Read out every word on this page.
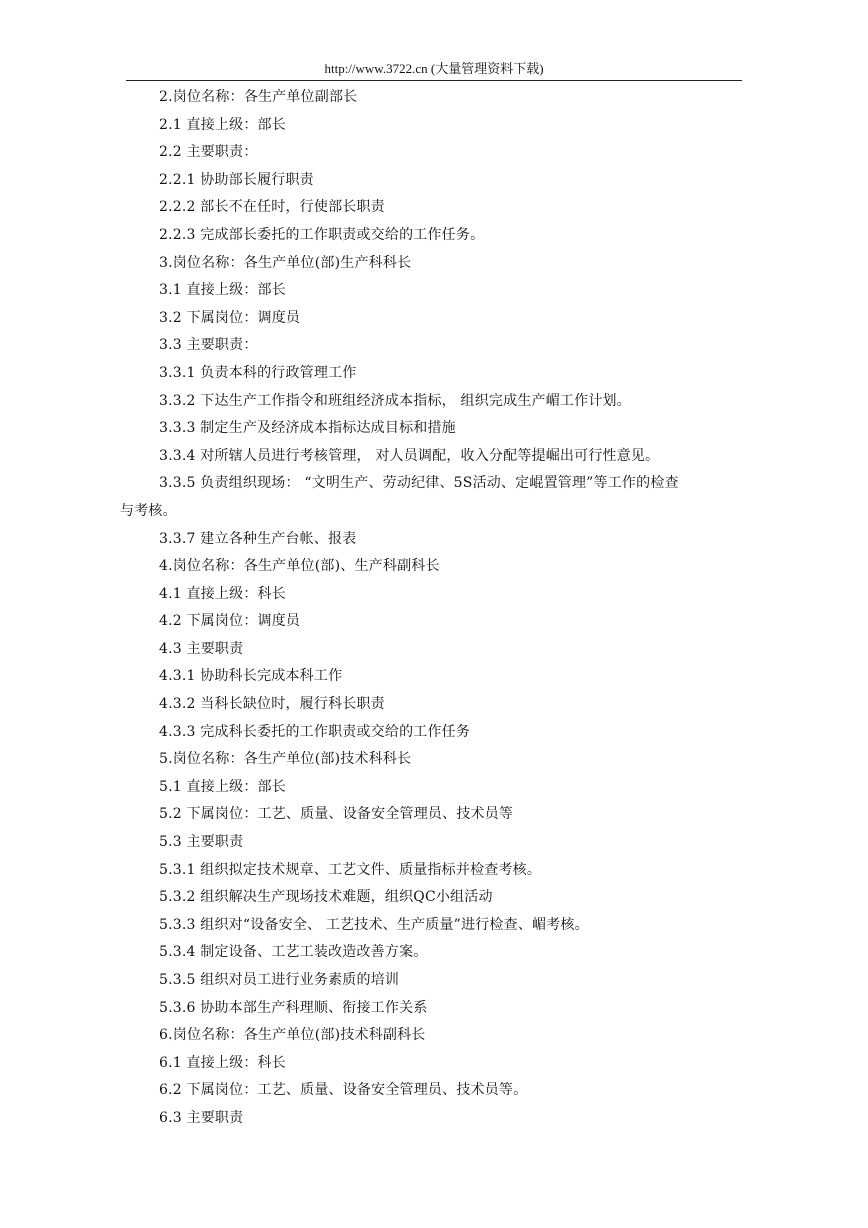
http://www.3722.cn (大量管理资料下载)
2.岗位名称：各生产单位副部长
2.1 直接上级：部长
2.2 主要职责：
2.2.1 协助部长履行职责
2.2.2 部长不在任时，行使部长职责
2.2.3 完成部长委托的工作职责或交给的工作任务。
3.岗位名称：各生产单位(部)生产科科长
3.1 直接上级：部长
3.2 下属岗位：调度员
3.3 主要职责：
3.3.1 负责本科的行政管理工作
3.3.2 下达生产工作指令和班组经济成本指标， 组织完成生产嵋工作计划。
3.3.3 制定生产及经济成本指标达成目标和措施
3.3.4 对所辖人员进行考核管理， 对人员调配，收入分配等提崛出可行性意见。
3.3.5 负责组织现场： “文明生产、劳动纪律、5S活动、定崐置管理”等工作的检查
与考核。
3.3.7 建立各种生产台帐、报表
4.岗位名称：各生产单位(部)、生产科副科长
4.1 直接上级：科长
4.2 下属岗位：调度员
4.3 主要职责
4.3.1 协助科长完成本科工作
4.3.2 当科长缺位时，履行科长职责
4.3.3 完成科长委托的工作职责或交给的工作任务
5.岗位名称：各生产单位(部)技术科科长
5.1 直接上级：部长
5.2 下属岗位：工艺、质量、设备安全管理员、技术员等
5.3 主要职责
5.3.1 组织拟定技术规章、工艺文件、质量指标并检查考核。
5.3.2 组织解决生产现场技术难题，组织QC小组活动
5.3.3 组织对“设备安全、 工艺技术、生产质量”进行检查、嵋考核。
5.3.4 制定设备、工艺工装改造改善方案。
5.3.5 组织对员工进行业务素质的培训
5.3.6 协助本部生产科理顺、衔接工作关系
6.岗位名称：各生产单位(部)技术科副科长
6.1 直接上级：科长
6.2 下属岗位：工艺、质量、设备安全管理员、技术员等。
6.3 主要职责
